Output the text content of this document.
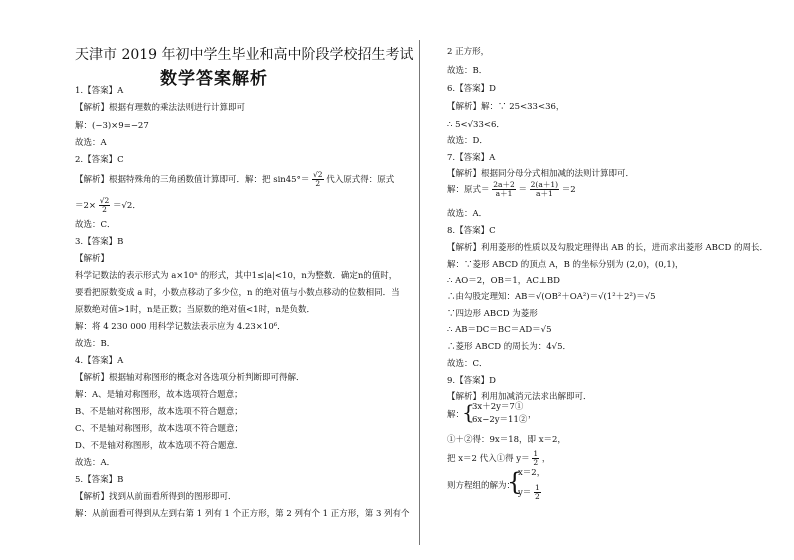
天津市 2019 年初中学生毕业和高中阶段学校招生考试
数学答案解析
1.【答案】A
【解析】根据有理数的乘法法则进行计算即可
解：(−3)×9=−27
故选：A
2.【答案】C
【解析】根据特殊角的三角函数值计算即可．解：把 $\sin 45^\circ= \frac{√2}{2}$ 代入原式得：原式
$=2\times \frac{√2}{2} =√2$．
故选：C．
3.【答案】B
【解析】
科学记数法的表示形式为 a×10ⁿ 的形式，其中1≤|a|<10，n为整数．确定n的值时，
要看把原数变成 a 时，小数点移动了多少位，n 的绝对值与小数点移动的位数相同．当
原数绝对值>1时，n是正数；当原数的绝对值<1时，n是负数．
解：将 4 230 000 用科学记数法表示应为 4.23×10⁶．
故选：B．
4.【答案】A
【解析】根据轴对称图形的概念对各选项分析判断即可得解．
解：A、是轴对称图形，故本选项符合题意；
B、不是轴对称图形，故本选项不符合题意；
C、不是轴对称图形，故本选项不符合题意；
D、不是轴对称图形，故本选项不符合题意．
故选：A．
5.【答案】B
【解析】找到从前面看所得到的图形即可．
解：从前面看可得到从左到右第 1 列有 1 个正方形，第 2 列有个 1 正方形，第 3 列有个
2 正方形，
故选：B．
6.【答案】D
【解析】解：∵ 25<33<36，
∴ 5<√33<6．
故选：D．
7.【答案】A
【解析】根据同分母分式相加减的法则计算即可．
解：原式＝ $\frac{2a+2}{a+1} = \frac{2(a+1)}{a+1} =2$
故选：A．
8.【答案】C
【解析】利用菱形的性质以及勾股定理得出 AB 的长，进而求出菱形 ABCD 的周长．
解：∵菱形 ABCD 的顶点 A，B 的坐标分别为 (2,0)，(0,1)，
∴ AO＝2，OB＝1，AC⊥BD
∴由勾股定理知：AB＝√(OB²＋OA²)＝√(1²＋2²)＝√5
∵四边形 ABCD 为菱形
∴ AB＝DC＝BC＝AD＝√5
∴菱形 ABCD 的周长为：4√5．
故选：C．
9.【答案】D
【解析】利用加减消元法求出解即可．
解：
{
3x＋2y＝7①
6x−2y＝11② ，
①＋②得：9x＝18，即 x＝2，
把 x＝2 代入①得 $y= \frac{1}{2}$ ，
则方程组的解为：
{
x＝2，
$y= \frac{1}{2}$
